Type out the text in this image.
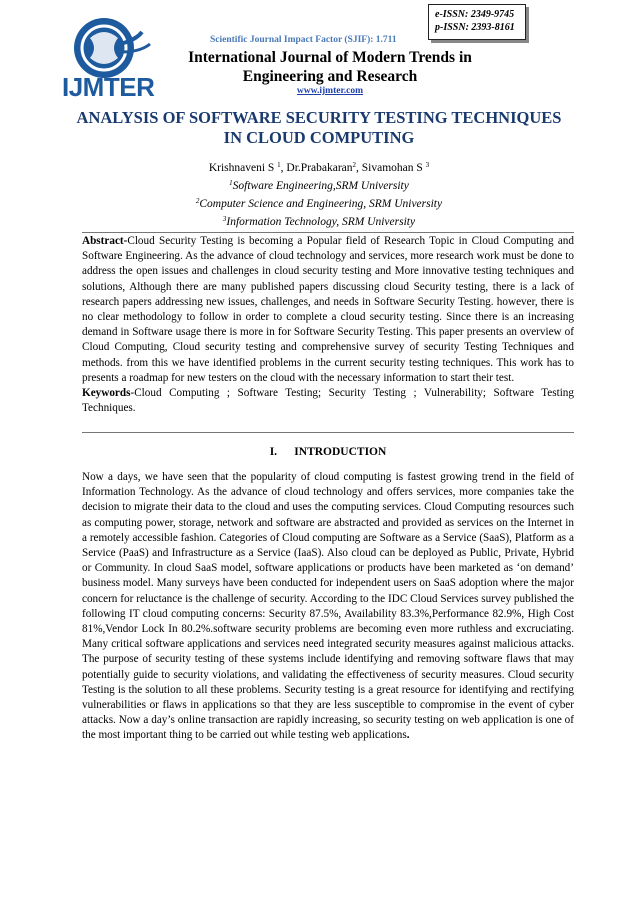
IJMTER
e-ISSN: 2349-9745
p-ISSN: 2393-8161
Scientific Journal Impact Factor (SJIF): 1.711
International Journal of Modern Trends in Engineering and Research
www.ijmter.com
ANALYSIS OF SOFTWARE SECURITY TESTING TECHNIQUES IN CLOUD COMPUTING
Krishnaveni S $^1$, Dr.Prabakaran$^2$, Sivamohan S $^3$
$^1$Software Engineering,SRM University
$^2$Computer Science and Engineering, SRM University
$^3$Information Technology, SRM University
Abstract-Cloud Security Testing is becoming a Popular field of Research Topic in Cloud Computing and Software Engineering. As the advance of cloud technology and services, more research work must be done to address the open issues and challenges in cloud security testing and More innovative testing techniques and solutions, Although there are many published papers discussing cloud Security testing, there is a lack of research papers addressing new issues, challenges, and needs in Software Security Testing. however, there is no clear methodology to follow in order to complete a cloud security testing. Since there is an increasing demand in Software usage there is more in for Software Security Testing. This paper presents an overview of Cloud Computing, Cloud security testing and comprehensive survey of security Testing Techniques and methods. from this we have identified problems in the current security testing techniques. This work has to presents a roadmap for new testers on the cloud with the necessary information to start their test.
Keywords-Cloud Computing ; Software Testing; Security Testing ; Vulnerability; Software Testing Techniques.
I.      INTRODUCTION
Now a days, we have seen that the popularity of cloud computing is fastest growing trend in the field of Information Technology. As the advance of cloud technology and offers services, more companies take the decision to migrate their data to the cloud and uses the computing services. Cloud Computing resources such as computing power, storage, network and software are abstracted and provided as services on the Internet in a remotely accessible fashion. Categories of Cloud computing are Software as a Service (SaaS), Platform as a Service (PaaS) and Infrastructure as a Service (IaaS). Also cloud can be deployed as Public, Private, Hybrid or Community. In cloud SaaS model, software applications or products have been marketed as ‘on demand’ business model. Many surveys have been conducted for independent users on SaaS adoption where the major concern for reluctance is the challenge of security. According to the IDC Cloud Services survey published the following IT cloud computing concerns: Security 87.5%, Availability 83.3%,Performance 82.9%, High Cost 81%,Vendor Lock In 80.2%.software security problems are becoming even more ruthless and excruciating. Many critical software applications and services need integrated security measures against malicious attacks. The purpose of security testing of these systems include identifying and removing software flaws that may potentially guide to security violations, and validating the effectiveness of security measures. Cloud security Testing is the solution to all these problems. Security testing is a great resource for identifying and rectifying vulnerabilities or flaws in applications so that they are less susceptible to compromise in the event of cyber attacks. Now a day’s online transaction are rapidly increasing, so security testing on web application is one of the most important thing to be carried out while testing web applications.
